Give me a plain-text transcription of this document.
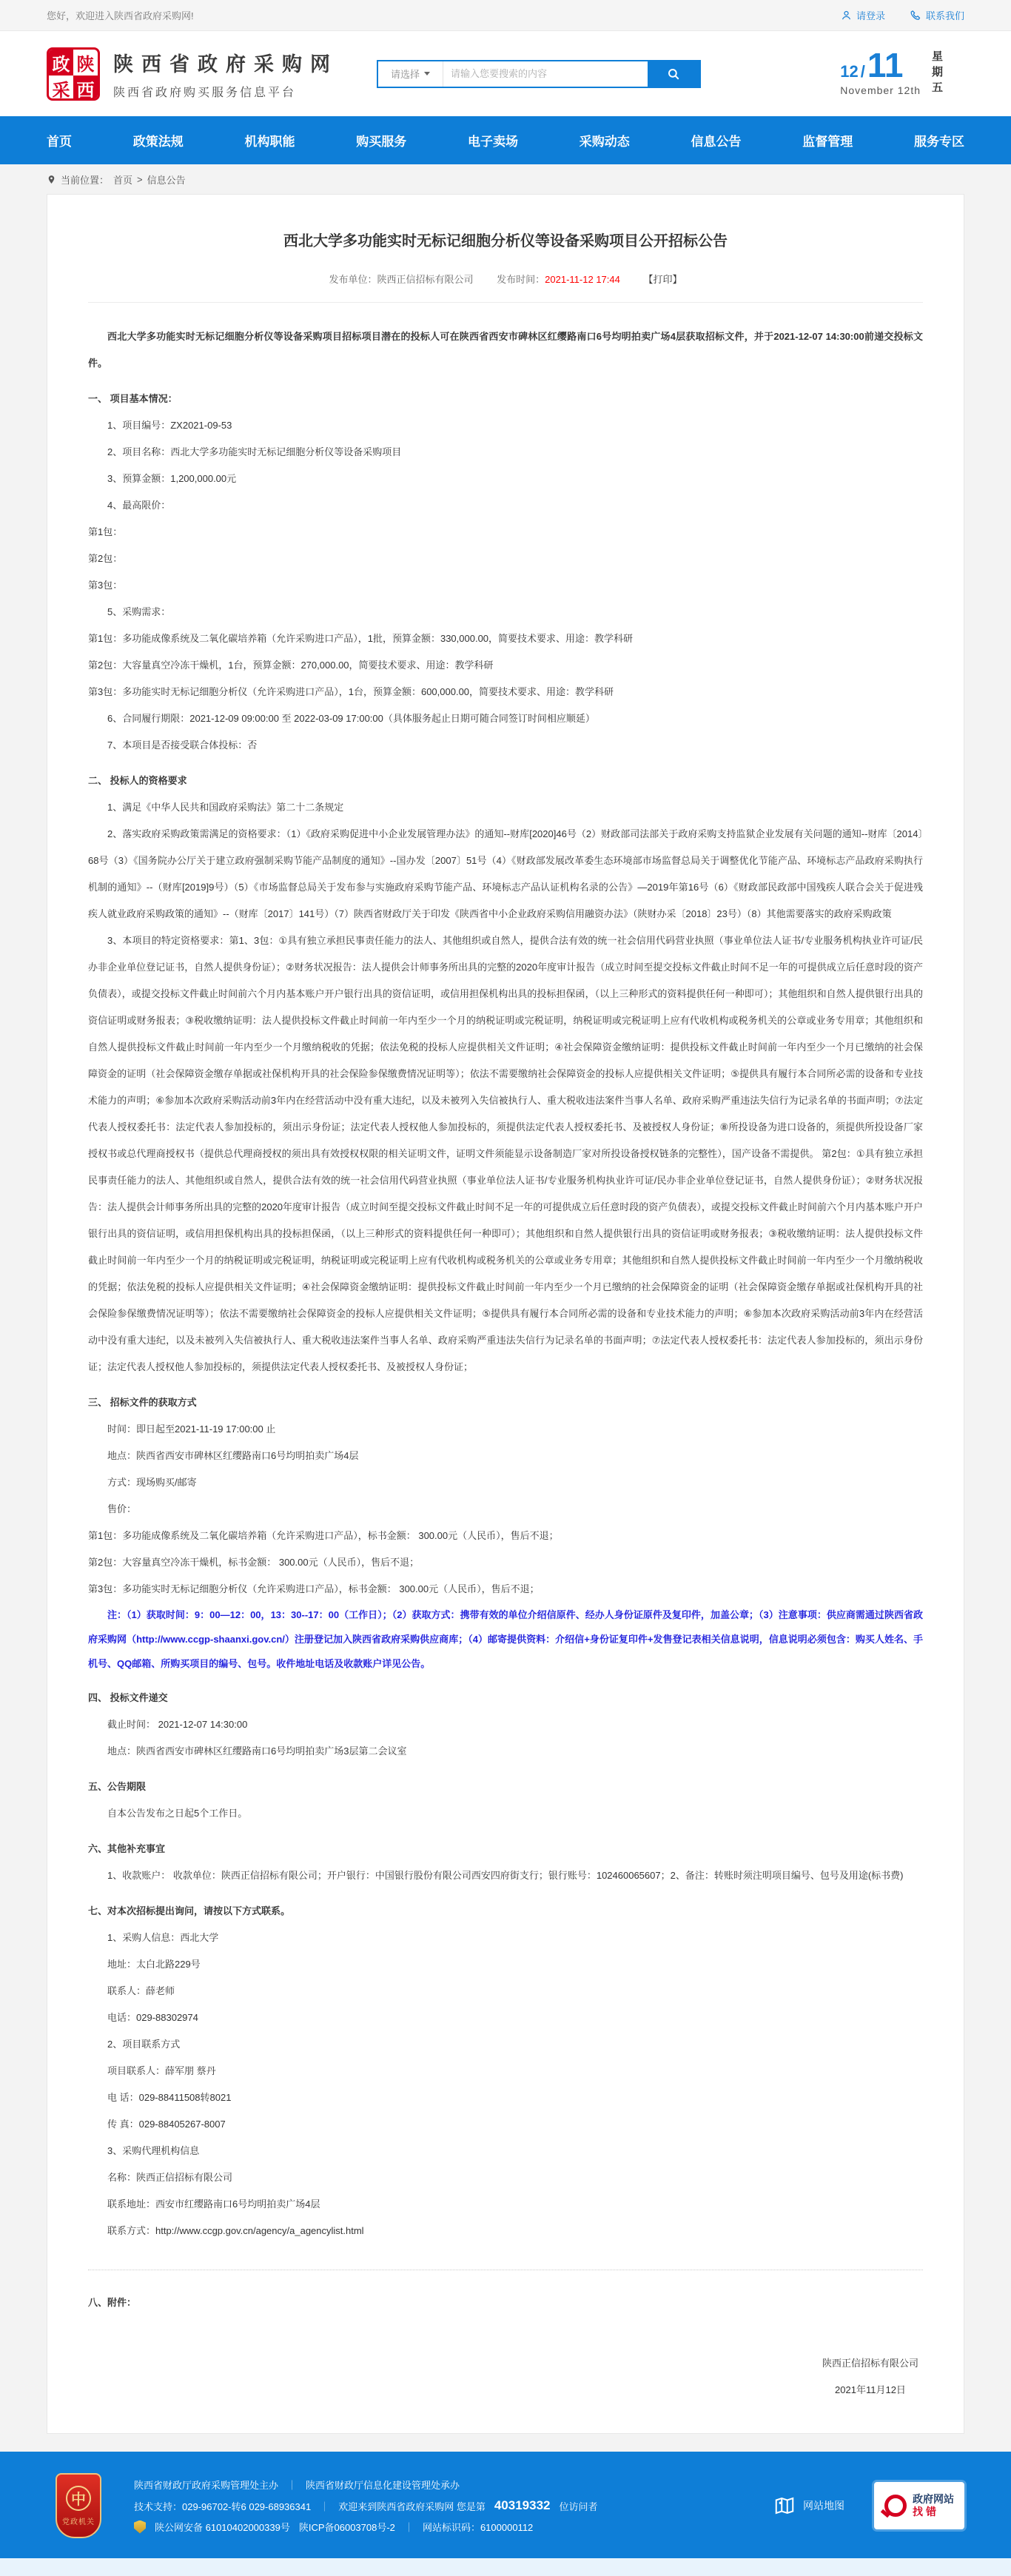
您好，欢迎进入陕西省政府采购网!	请登录	联系我们
政 陕
采 西
陕西省政府采购网
陕西省政府购买服务信息平台
请选择
请输入您要搜索的内容	12 / 11
November 12th 星期五
首页	政策法规	机构职能	购买服务	电子卖场	采购动态	信息公告	监督管理	服务专区
当前位置： 首页 > 信息公告
西北大学多功能实时无标记细胞分析仪等设备采购项目公开招标公告
发布单位：陕西正信招标有限公司 发布时间：2021-11-12 17:44 【打印】

西北大学多功能实时无标记细胞分析仪等设备采购项目招标项目潜在的投标人可在陕西省西安市碑林区红缨路南口6号均明拍卖广场4层获取招标文件，并于2021-12-07 14:30:00前递交投标文件。

一、 项目基本情况：

1、项目编号：ZX2021-09-53

2、项目名称：西北大学多功能实时无标记细胞分析仪等设备采购项目

3、预算金额：1,200,000.00元

4、最高限价：

第1包：

第2包：

第3包：

5、采购需求：

第1包：多功能成像系统及二氧化碳培养箱（允许采购进口产品），1批，预算金额：330,000.00，简要技术要求、用途：教学科研

第2包：大容量真空冷冻干燥机，1台，预算金额：270,000.00，简要技术要求、用途：教学科研

第3包：多功能实时无标记细胞分析仪（允许采购进口产品），1台，预算金额：600,000.00，简要技术要求、用途：教学科研

6、合同履行期限：2021-12-09 09:00:00 至 2022-03-09 17:00:00（具体服务起止日期可随合同签订时间相应顺延）

7、本项目是否接受联合体投标：否

二、 投标人的资格要求

1、满足《中华人民共和国政府采购法》第二十二条规定

2、落实政府采购政策需满足的资格要求：（1）《政府采购促进中小企业发展管理办法》的通知--财库[2020]46号（2）财政部司法部关于政府采购支持监狱企业发展有关问题的通知--财库〔2014〕68号（3）《国务院办公厅关于建立政府强制采购节能产品制度的通知》--国办发〔2007〕51号（4）《财政部发展改革委生态环境部市场监督总局关于调整优化节能产品、环境标志产品政府采购执行机制的通知》--（财库[2019]9号）（5）《市场监督总局关于发布参与实施政府采购节能产品、环境标志产品认证机构名录的公告》—2019年第16号（6）《财政部民政部中国残疾人联合会关于促进残疾人就业政府采购政策的通知》--（财库〔2017〕141号）（7）陕西省财政厅关于印发《陕西省中小企业政府采购信用融资办法》（陕财办采〔2018〕23号）（8）其他需要落实的政府采购政策

3、本项目的特定资格要求：第1、3包：①具有独立承担民事责任能力的法人、其他组织或自然人，提供合法有效的统一社会信用代码营业执照（事业单位法人证书/专业服务机构执业许可证/民办非企业单位登记证书，自然人提供身份证）；②财务状况报告：法人提供会计师事务所出具的完整的2020年度审计报告（成立时间至提交投标文件截止时间不足一年的可提供成立后任意时段的资产负债表），或提交投标文件截止时间前六个月内基本账户开户银行出具的资信证明，或信用担保机构出具的投标担保函，（以上三种形式的资料提供任何一种即可）；其他组织和自然人提供银行出具的资信证明或财务报表；③税收缴纳证明：法人提供投标文件截止时间前一年内至少一个月的纳税证明或完税证明，纳税证明或完税证明上应有代收机构或税务机关的公章或业务专用章；其他组织和自然人提供投标文件截止时间前一年内至少一个月缴纳税收的凭据；依法免税的投标人应提供相关文件证明；④社会保障资金缴纳证明：提供投标文件截止时间前一年内至少一个月已缴纳的社会保障资金的证明（社会保障资金缴存单据或社保机构开具的社会保险参保缴费情况证明等）；依法不需要缴纳社会保障资金的投标人应提供相关文件证明；⑤提供具有履行本合同所必需的设备和专业技术能力的声明；⑥参加本次政府采购活动前3年内在经营活动中没有重大违纪，以及未被列入失信被执行人、重大税收违法案件当事人名单、政府采购严重违法失信行为记录名单的书面声明；⑦法定代表人授权委托书：法定代表人参加投标的，须出示身份证；法定代表人授权他人参加投标的，须提供法定代表人授权委托书、及被授权人身份证；⑧所投设备为进口设备的，须提供所投设备厂家授权书或总代理商授权书（提供总代理商授权的须出具有效授权权限的相关证明文件，证明文件须能显示设备制造厂家对所投设备授权链条的完整性），国产设备不需提供。 第2包：①具有独立承担民事责任能力的法人、其他组织或自然人，提供合法有效的统一社会信用代码营业执照（事业单位法人证书/专业服务机构执业许可证/民办非企业单位登记证书，自然人提供身份证）；②财务状况报告：法人提供会计师事务所出具的完整的2020年度审计报告（成立时间至提交投标文件截止时间不足一年的可提供成立后任意时段的资产负债表），或提交投标文件截止时间前六个月内基本账户开户银行出具的资信证明，或信用担保机构出具的投标担保函，（以上三种形式的资料提供任何一种即可）；其他组织和自然人提供银行出具的资信证明或财务报表；③税收缴纳证明：法人提供投标文件截止时间前一年内至少一个月的纳税证明或完税证明，纳税证明或完税证明上应有代收机构或税务机关的公章或业务专用章；其他组织和自然人提供投标文件截止时间前一年内至少一个月缴纳税收的凭据；依法免税的投标人应提供相关文件证明；④社会保障资金缴纳证明：提供投标文件截止时间前一年内至少一个月已缴纳的社会保障资金的证明（社会保障资金缴存单据或社保机构开具的社会保险参保缴费情况证明等）；依法不需要缴纳社会保障资金的投标人应提供相关文件证明；⑤提供具有履行本合同所必需的设备和专业技术能力的声明；⑥参加本次政府采购活动前3年内在经营活动中没有重大违纪，以及未被列入失信被执行人、重大税收违法案件当事人名单、政府采购严重违法失信行为记录名单的书面声明；⑦法定代表人授权委托书：法定代表人参加投标的，须出示身份证；法定代表人授权他人参加投标的，须提供法定代表人授权委托书、及被授权人身份证；

三、 招标文件的获取方式

时间：即日起至2021-11-19 17:00:00 止

地点：陕西省西安市碑林区红缨路南口6号均明拍卖广场4层

方式：现场购买/邮寄

售价：

第1包：多功能成像系统及二氧化碳培养箱（允许采购进口产品），标书金额： 300.00元（人民币），售后不退；

第2包：大容量真空冷冻干燥机，标书金额： 300.00元（人民币），售后不退；

第3包：多功能实时无标记细胞分析仪（允许采购进口产品），标书金额： 300.00元（人民币），售后不退；

注：（1）获取时间：9：00—12：00，13：30--17：00（工作日）；（2）获取方式：携带有效的单位介绍信原件、经办人身份证原件及复印件，加盖公章；（3）注意事项：供应商需通过陕西省政府采购网（http://www.ccgp-shaanxi.gov.cn/）注册登记加入陕西省政府采购供应商库；（4）邮寄提供资料：介绍信+身份证复印件+发售登记表相关信息说明，信息说明必须包含：购买人姓名、手机号、QQ邮箱、所购买项目的编号、包号。收件地址电话及收款账户详见公告。

四、 投标文件递交

截止时间： 2021-12-07 14:30:00

地点：陕西省西安市碑林区红缨路南口6号均明拍卖广场3层第二会议室

五、公告期限

自本公告发布之日起5个工作日。

六、其他补充事宜

1、收款账户： 收款单位：陕西正信招标有限公司；开户银行：中国银行股份有限公司西安四府街支行；银行账号：102460065607；2、备注：转账时须注明项目编号、包号及用途(标书费)

七、对本次招标提出询问，请按以下方式联系。

1、采购人信息：西北大学

地址：太白北路229号

联系人：薛老师

电话：029-88302974

2、项目联系方式

项目联系人：薛军朋 蔡丹

电 话：029-88411508转8021

传 真：029-88405267-8007

3、采购代理机构信息

名称：陕西正信招标有限公司

联系地址：西安市红缨路南口6号均明拍卖广场4层

联系方式：http://www.ccgp.gov.cn/agency/a_agencylist.html

八、附件：

陕西正信招标有限公司
2021年11月12日
中
党政机关
陕西省财政厅政府采购管理处主办 ｜ 陕西省财政厅信息化建设管理处承办
技术支持：029-96702-转6 029-68936341 ｜ 欢迎来到陕西省政府采购网 您是第 40319332 位访问者
陕公网安备 61010402000339号 陕ICP备06003708号-2 ｜ 网站标识码：6100000112
网站地图
政府网站
找错
